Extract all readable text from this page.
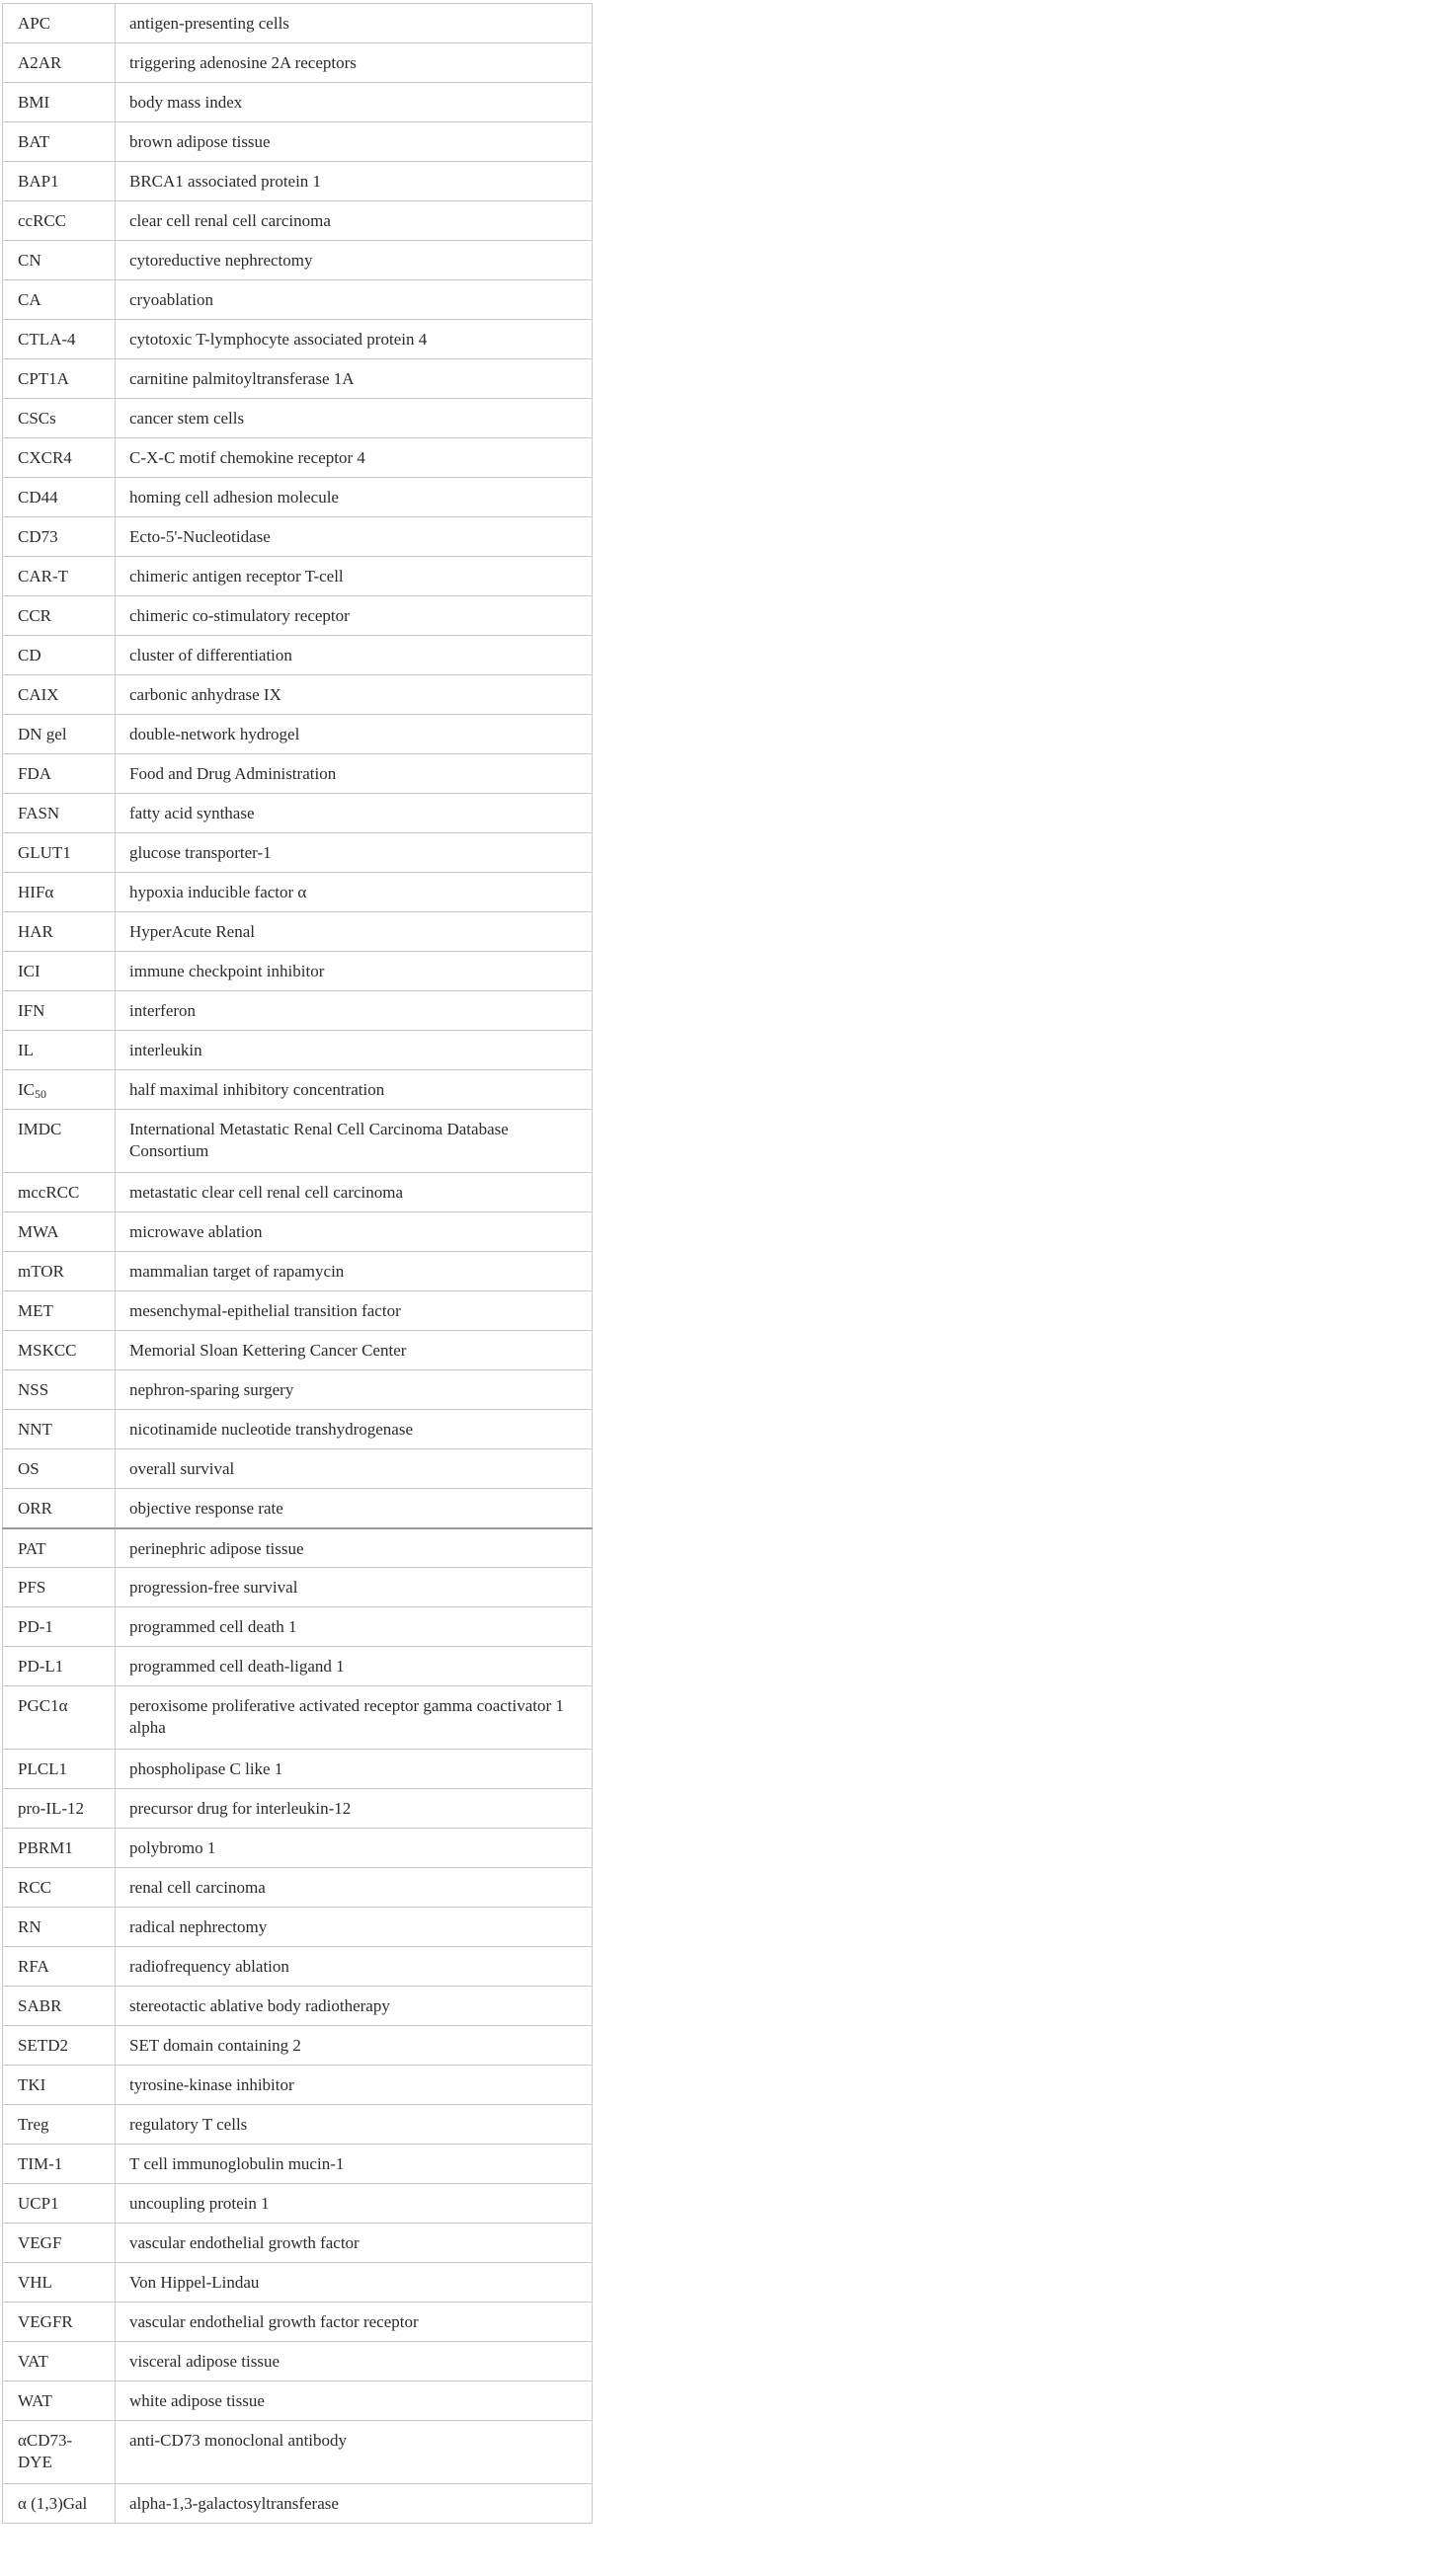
APC	antigen-presenting cells
A2AR	triggering adenosine 2A receptors
BMI	body mass index
BAT	brown adipose tissue
BAP1	BRCA1 associated protein 1
ccRCC	clear cell renal cell carcinoma
CN	cytoreductive nephrectomy
CA	cryoablation
CTLA-4	cytotoxic T-lymphocyte associated protein 4
CPT1A	carnitine palmitoyltransferase 1A
CSCs	cancer stem cells
CXCR4	C-X-C motif chemokine receptor 4
CD44	homing cell adhesion molecule
CD73	Ecto-5'-Nucleotidase
CAR-T	chimeric antigen receptor T-cell
CCR	chimeric co-stimulatory receptor
CD	cluster of differentiation
CAIX	carbonic anhydrase IX
DN gel	double-network hydrogel
FDA	Food and Drug Administration
FASN	fatty acid synthase
GLUT1	glucose transporter-1
HIFα	hypoxia inducible factor α
HAR	HyperAcute Renal
ICI	immune checkpoint inhibitor
IFN	interferon
IL	interleukin
$IC_{50}$	half maximal inhibitory concentration
IMDC	International Metastatic Renal Cell Carcinoma Database Consortium
mccRCC	metastatic clear cell renal cell carcinoma
MWA	microwave ablation
mTOR	mammalian target of rapamycin
MET	mesenchymal-epithelial transition factor
MSKCC	Memorial Sloan Kettering Cancer Center
NSS	nephron-sparing surgery
NNT	nicotinamide nucleotide transhydrogenase
OS	overall survival
ORR	objective response rate
PAT	perinephric adipose tissue
PFS	progression-free survival
PD-1	programmed cell death 1
PD-L1	programmed cell death-ligand 1
PGC1α	peroxisome proliferative activated receptor gamma coactivator 1 alpha
PLCL1	phospholipase C like 1
pro-IL-12	precursor drug for interleukin-12
PBRM1	polybromo 1
RCC	renal cell carcinoma
RN	radical nephrectomy
RFA	radiofrequency ablation
SABR	stereotactic ablative body radiotherapy
SETD2	SET domain containing 2
TKI	tyrosine-kinase inhibitor
Treg	regulatory T cells
TIM-1	T cell immunoglobulin mucin-1
UCP1	uncoupling protein 1
VEGF	vascular endothelial growth factor
VHL	Von Hippel-Lindau
VEGFR	vascular endothelial growth factor receptor
VAT	visceral adipose tissue
WAT	white adipose tissue
αCD73-DYE	anti-CD73 monoclonal antibody
α (1,3)Gal	alpha-1,3-galactosyltransferase
